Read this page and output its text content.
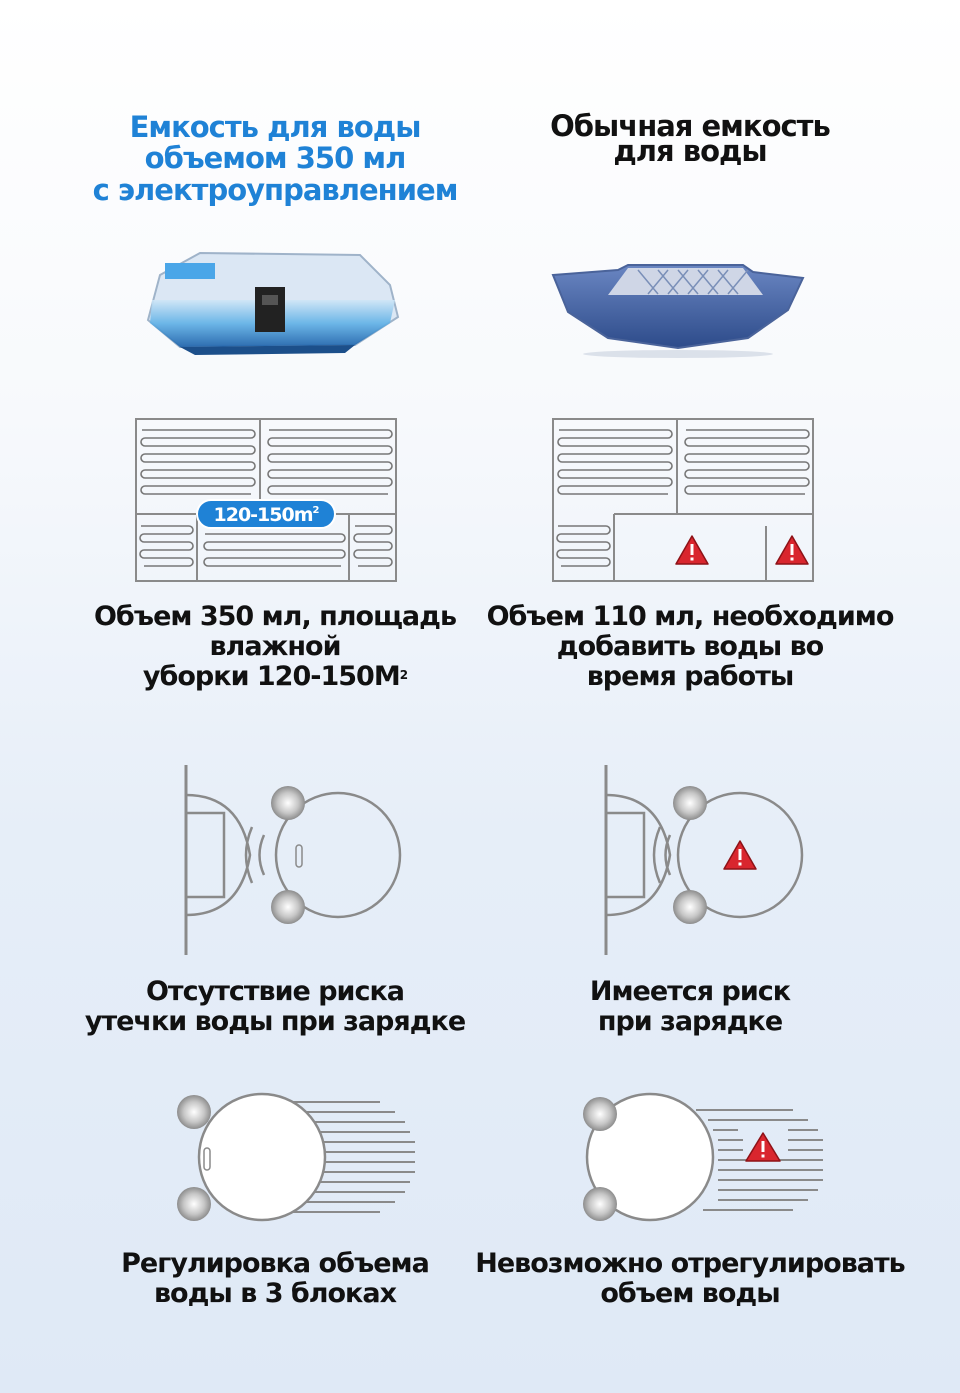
Емкость для воды
объемом 350 мл
с электроуправлением
Обычная емкость
для воды
$120-150m^2$
Объем 350 мл, площадь
влажной
уборки $120-150M^2$
Объем 110 мл, необходимо
добавить воды во
время работы
Отсутствие риска
утечки воды при зарядке
Имеется риск
при зарядке
Регулировка объема
воды в 3 блоках
Невозможно отрегулировать
объем воды
